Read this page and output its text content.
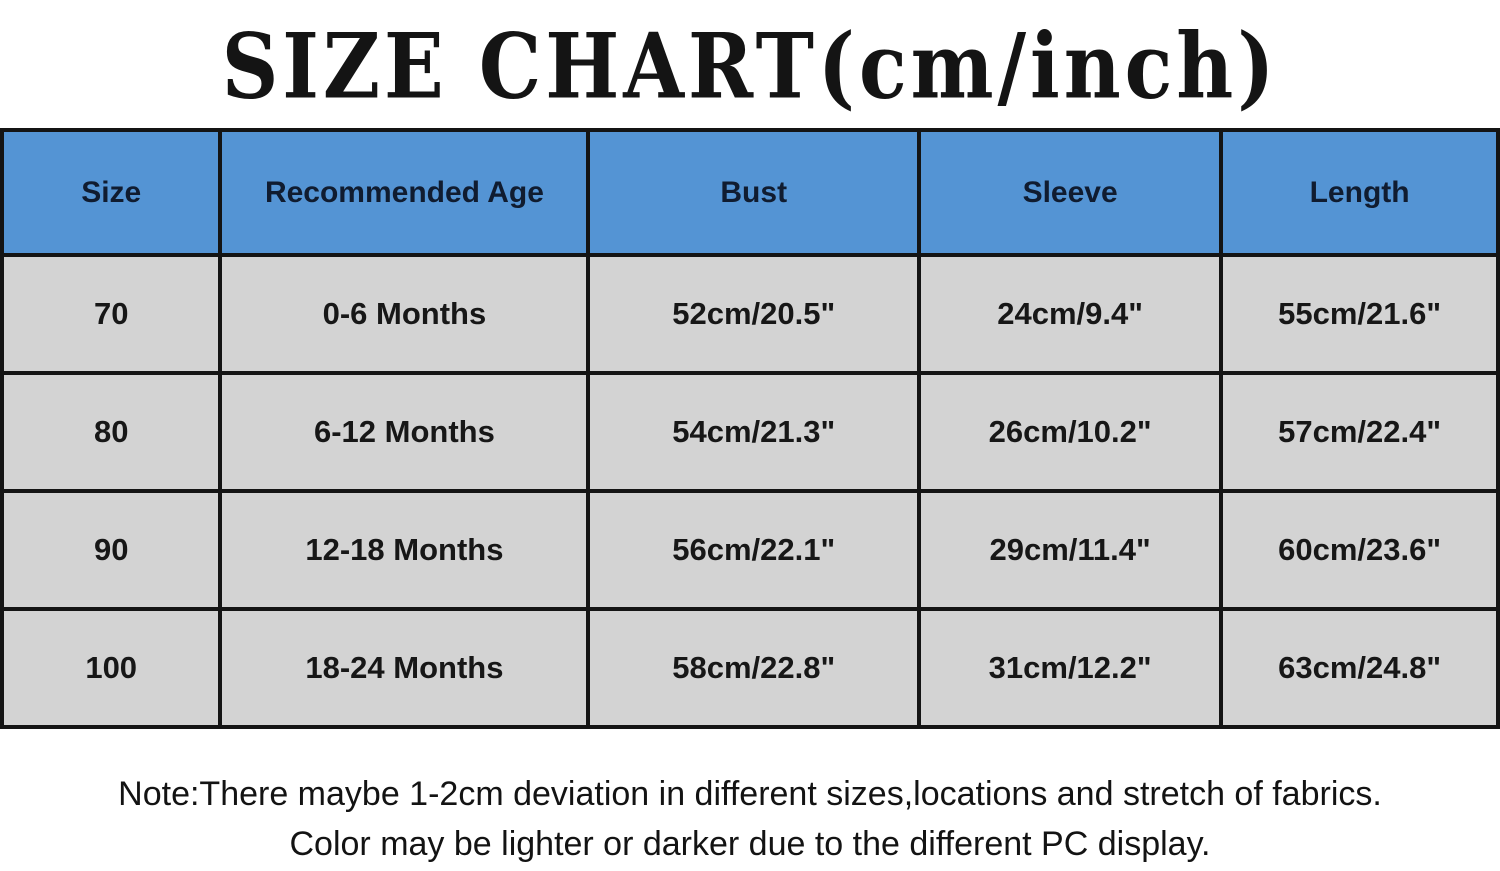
SIZE CHART(cm/inch)
Size	Recommended Age	Bust	Sleeve	Length
70	0-6 Months	52cm/20.5"	24cm/9.4"	55cm/21.6"
80	6-12 Months	54cm/21.3"	26cm/10.2"	57cm/22.4"
90	12-18 Months	56cm/22.1"	29cm/11.4"	60cm/23.6"
100	18-24 Months	58cm/22.8"	31cm/12.2"	63cm/24.8"
Note:There maybe 1-2cm deviation in different sizes,locations and stretch of fabrics.
Color may be lighter or darker due to the different PC display.
